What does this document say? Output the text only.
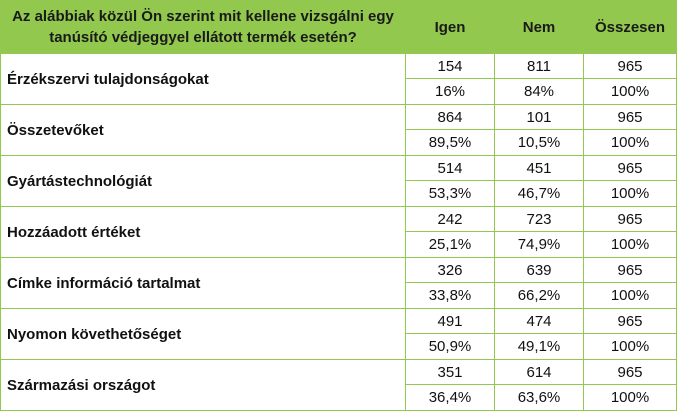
Az alábbiak közül Ön szerint mit kellene vizsgálni egy
tanúsító védjeggyel ellátott termék esetén?	Igen	Nem	Összesen
Érzékszervi tulajdonságokat	154	811	965
	16%	84%	100%
Összetevőket	864	101	965
	89,5%	10,5%	100%
Gyártástechnológiát	514	451	965
	53,3%	46,7%	100%
Hozzáadott értéket	242	723	965
	25,1%	74,9%	100%
Címke információ tartalmat	326	639	965
	33,8%	66,2%	100%
Nyomon követhetőséget	491	474	965
	50,9%	49,1%	100%
Származási országot	351	614	965
	36,4%	63,6%	100%
